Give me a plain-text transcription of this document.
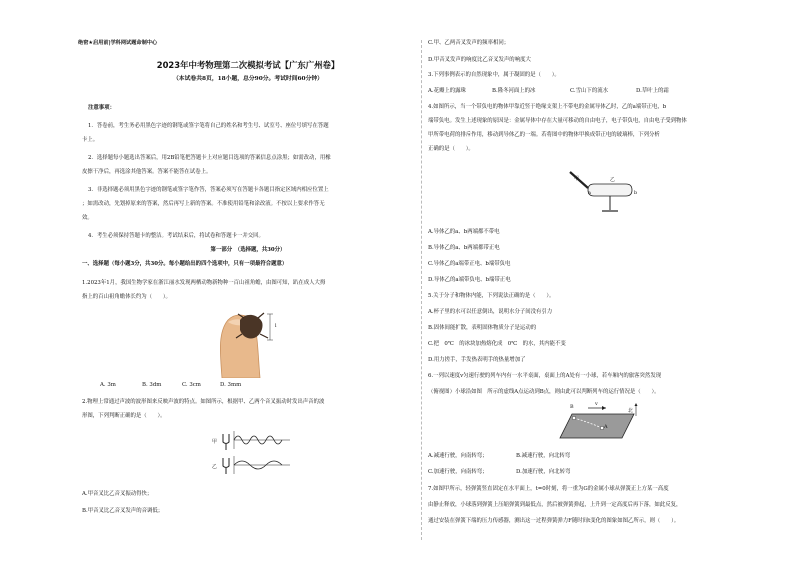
绝密★启用前|学科网试题命制中心
2023年中考物理第二次模拟考试【广东广州卷】
（本试卷共8页，18小题，总分90分。考试时间60分钟）
注意事项：
1．答卷前，考生务必用黑色字迹的钢笔或签字笔将自己的姓名和考生号、试室号、座位号填写在答题
卡上。
2．选择题每小题选出答案后，用2B铅笔把答题卡上对应题目选项的答案信息点涂黑；如需改动，用橡
皮擦干净后，再选涂其他答案。答案不能答在试卷上。
3．非选择题必须用黑色字迹的钢笔或签字笔作答，答案必须写在答题卡各题目指定区域内相应位置上
；如需改动，先划掉原来的答案，然后再写上新的答案。不准使用铅笔和涂改液。不按以上要求作答无
效。
4．考生必须保持答题卡的整洁。考试结束后，将试卷和答题卡一并交回。
第一部分　（选择题，共30分）
一、选择题（每小题3分，共30分。每小题给出的四个选项中，只有一项最符合题意）
1.2023年1月，我国生物学家在浙江丽水发现两栖动物新物种一百山祖角蟾，由图可知，趴在成人大拇
指上的百山祖角蟾体长约为（　　）。
l
A. 3m	B. 3dm	C. 3cm	D. 3mm
2.物理上常通过声波的波形图来反映声波的特点。如图所示，根据甲、乙两个音叉振动时发出声音的波
形图，下列判断正确的是（　　）。
甲
乙
A.甲音叉比乙音叉振动得快；
B.甲音叉比乙音叉发声的音调低；
C.甲、乙两音叉发声的频率相同；
D.甲音叉发声的响度比乙音叉发声的响度大
3.下列事例表示的自然现象中，属于凝固的是（　　）。
A.花瓣上的露珠	B.隆冬河面上的冰	C.雪山下的流水	D.草叶上的霜
4.如图所示，当一个带负电的物体甲靠近竖于绝缘支架上不带电的金属导体乙时，乙的a端带正电，b
端带负电。发生上述现象的原因是：金属导体中存在大量可移动的自由电子，电子带负电，自由电子受到物体
甲所带电荷的排斥作用，移动到导体乙的一端。若将图中的物体甲换成带正电的玻璃棒，下列分析
正确的是（　　）。
甲	乙
a	b
A.导体乙的a、b两端都不带电
B.导体乙的a、b两端都带正电
C.导体乙的a端带正电、b端带负电
D.导体乙的a端带负电、b端带正电
5.关于分子和物体内能，下列说法正确的是（　　）。
A.杯子里的水可以任意倒出，说明水分子间没有引力
B.固体间能扩散，表明固体物质分子是运动的
C.把　0℃　的冰块加热熔化成　0℃　的水，其内能不变
D.用力搓手，手发热表明手的热量增加了
6.一列以速度v匀速行驶的列车内有一水平桌面，桌面上的A处有一小球，若车厢内的旅客突然发现
（俯视图）小球沿如图　所示的虚线A点运动到B点，则由此可以判断列车的运行情况是（　　）。
B	v
A
北
A.减速行驶，向南转弯；	B.减速行驶，向北转弯
C.加速行驶，向南转弯；	D.加速行驶，向北转弯
7.如图甲所示，轻弹簧竖直固定在水平面上，t=0时刻，将一重为G的金属小球从弹簧正上方某一高度
由静止释放，小球落到弹簧上压缩弹簧到最低点，然后被弹簧弹起，上升到一定高度后再下落，如此反复，
通过安装在弹簧下端的压力传感器，测出这一过程弹簧弹力F随时间t变化的图象如图乙所示，则（　　）。
